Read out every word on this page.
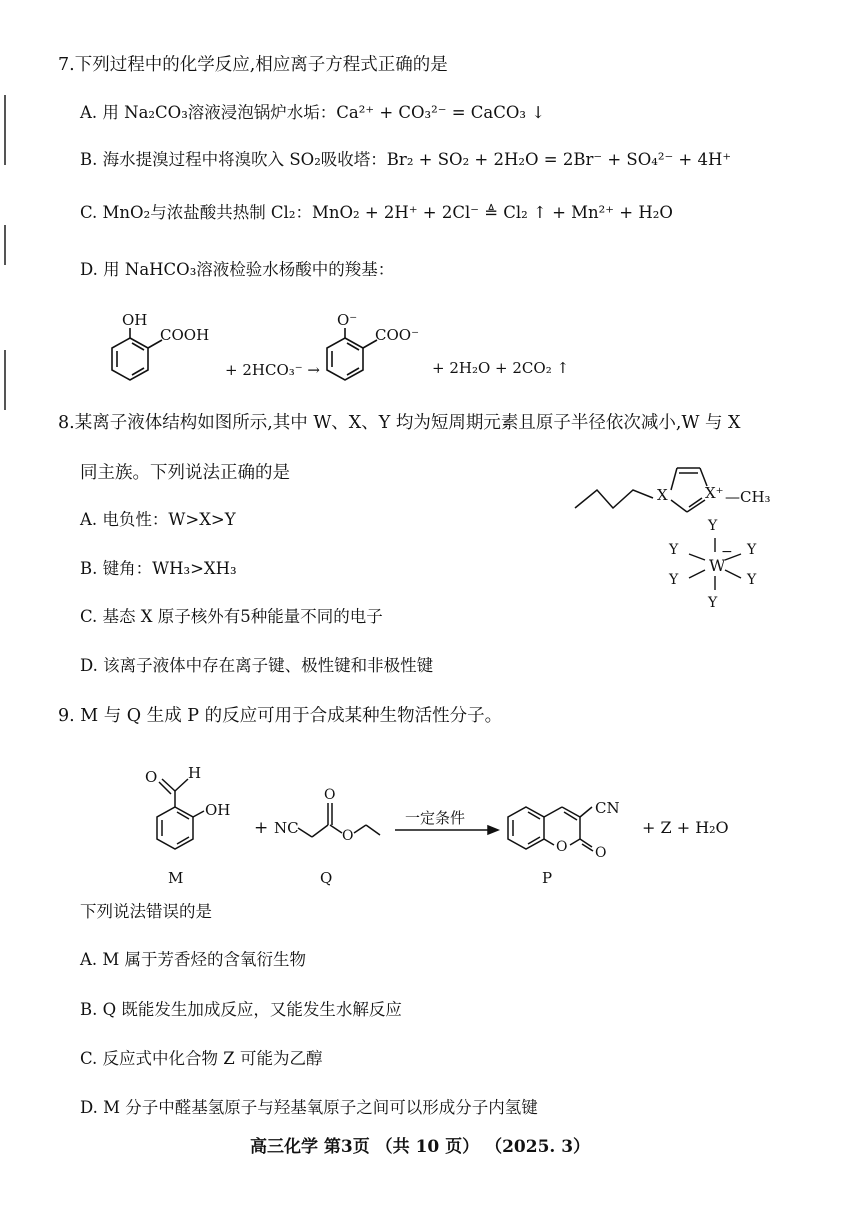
7.下列过程中的化学反应,相应离子方程式正确的是
A. 用 Na₂CO₃溶液浸泡锅炉水垢：Ca²⁺ + CO₃²⁻ = CaCO₃ ↓
B. 海水提溴过程中将溴吹入 SO₂吸收塔：Br₂ + SO₂ + 2H₂O = 2Br⁻ + SO₄²⁻ + 4H⁺
C. MnO₂与浓盐酸共热制 Cl₂：MnO₂ + 2H⁺ + 2Cl⁻ ≜ Cl₂ ↑ + Mn²⁺ + H₂O
D. 用 NaHCO₃溶液检验水杨酸中的羧基：
OH
COOH
+ 2HCO₃⁻ →
O⁻
COO⁻
+ 2H₂O + 2CO₂ ↑
8.某离子液体结构如图所示,其中 W、X、Y 均为短周期元素且原子半径依次减小,W 与 X
同主族。下列说法正确的是
A. 电负性：W>X>Y
B. 键角：WH₃>XH₃
C. 基态 X 原子核外有5种能量不同的电子
D. 该离子液体中存在离子键、极性键和非极性键
X X⁺ —CH₃
W
−
Y
Y
Y
Y
Y
Y
9. M 与 Q 生成 P 的反应可用于合成某种生物活性分子。
O H
OH
M
+ NC
O
O
Q
一定条件
CN
O O
P
+ Z + H₂O
下列说法错误的是
A. M 属于芳香烃的含氧衍生物
B. Q 既能发生加成反应，又能发生水解反应
C. 反应式中化合物 Z 可能为乙醇
D. M 分子中醛基氢原子与羟基氧原子之间可以形成分子内氢键
高三化学 第3页 （共 10 页） （2025. 3）
